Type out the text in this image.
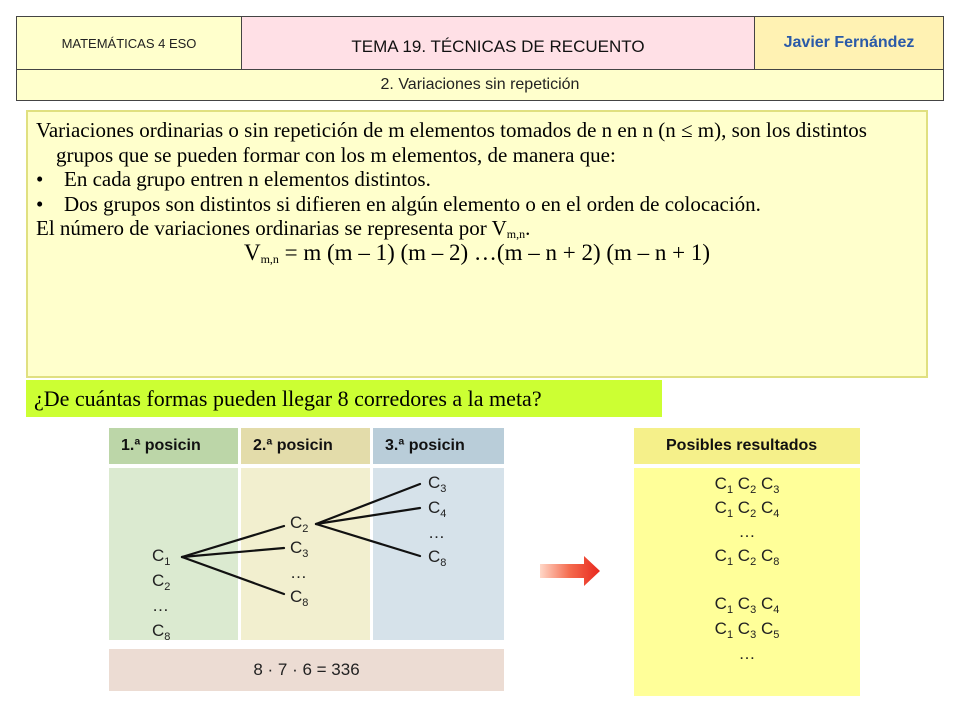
MATEMÁTICAS 4 ESO	TEMA 19. TÉCNICAS DE RECUENTO	Javier Fernández
2. Variaciones sin repetición

Variaciones ordinarias o sin repetición de m elementos tomados de n en n (n ≤ m), son los distintos grupos que se pueden formar con los m elementos, de manera que:

• En cada grupo entren n elementos distintos.

• Dos grupos son distintos si difieren en algún elemento o en el orden de colocación.

El número de variaciones ordinarias se representa por $V_{m,n}$.

$V_{m,n} = m$ (m – 1) (m – 2) …(m – n + 2) (m – n + 1)

¿De cuántas formas pueden llegar 8 corredores a la meta?
1.ª posicin	2.ª posicin	3.ª posicin
$C_1$
$C_2$
…
$C_8$
$C_2$
$C_3$
…
$C_8$
$C_3$
$C_4$
…
$C_8$
8 · 7 · 6 = 336
Posibles resultados
$C_1$ $C_2$ $C_3$
$C_1$ $C_2$ $C_4$
…
$C_1$ $C_2$ $C_8$
$C_1$ $C_3$ $C_4$
$C_1$ $C_3$ $C_5$
…
